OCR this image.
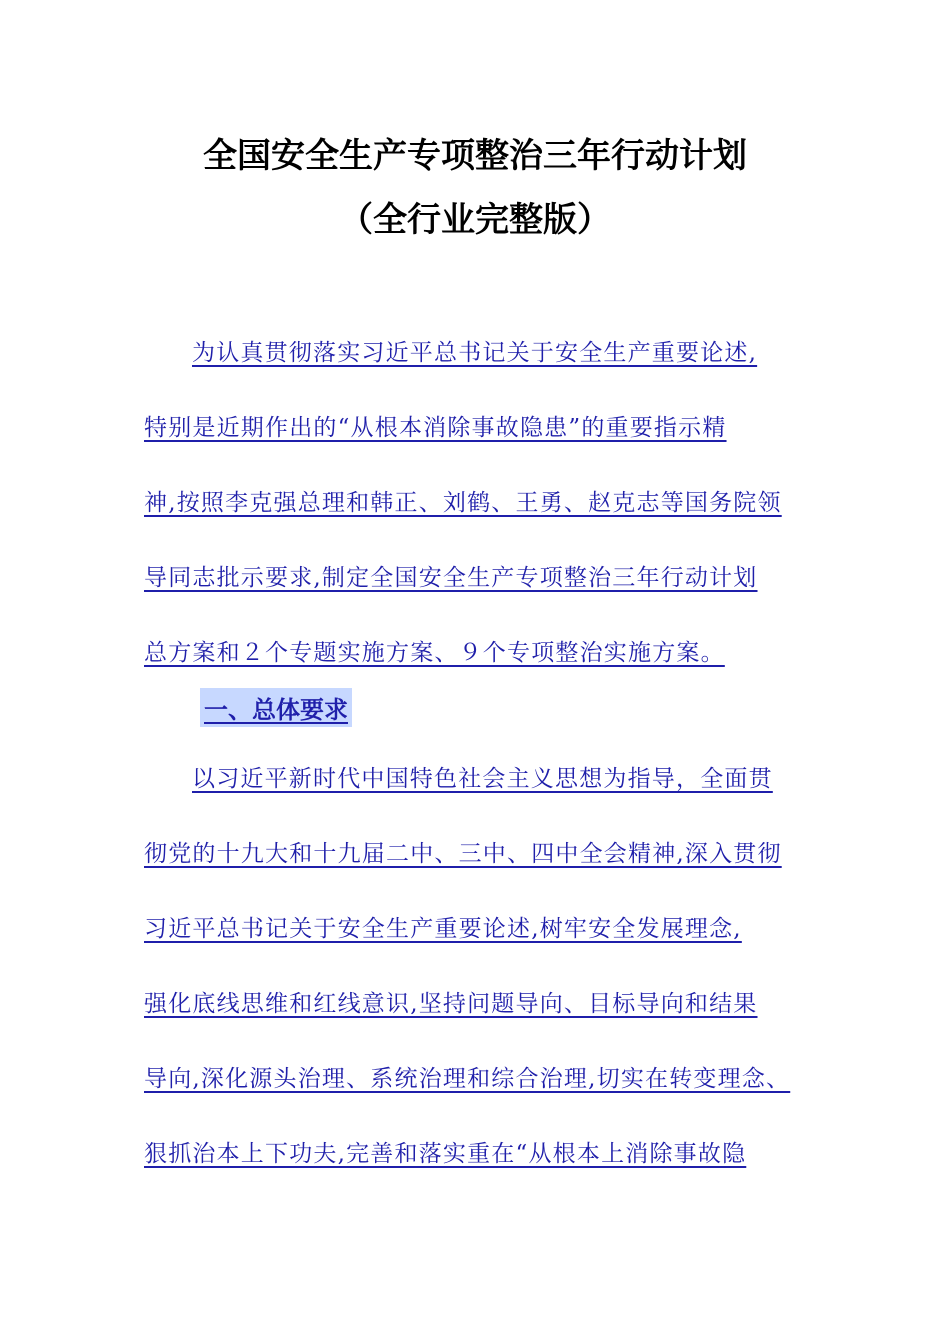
全国安全生产专项整治三年行动计划
（全行业完整版）
为认真贯彻落实习近平总书记关于安全生产重要论述,
特别是近期作出的“从根本消除事故隐患”的重要指示精
神,按照李克强总理和韩正、刘鹤、王勇、赵克志等国务院领
导同志批示要求,制定全国安全生产专项整治三年行动计划
总方案和２个专题实施方案、９个专项整治实施方案。
一、总体要求
以习近平新时代中国特色社会主义思想为指导，全面贯
彻党的十九大和十九届二中、三中、四中全会精神,深入贯彻
习近平总书记关于安全生产重要论述,树牢安全发展理念,
强化底线思维和红线意识,坚持问题导向、目标导向和结果
导向,深化源头治理、系统治理和综合治理,切实在转变理念、
狠抓治本上下功夫,完善和落实重在“从根本上消除事故隐
